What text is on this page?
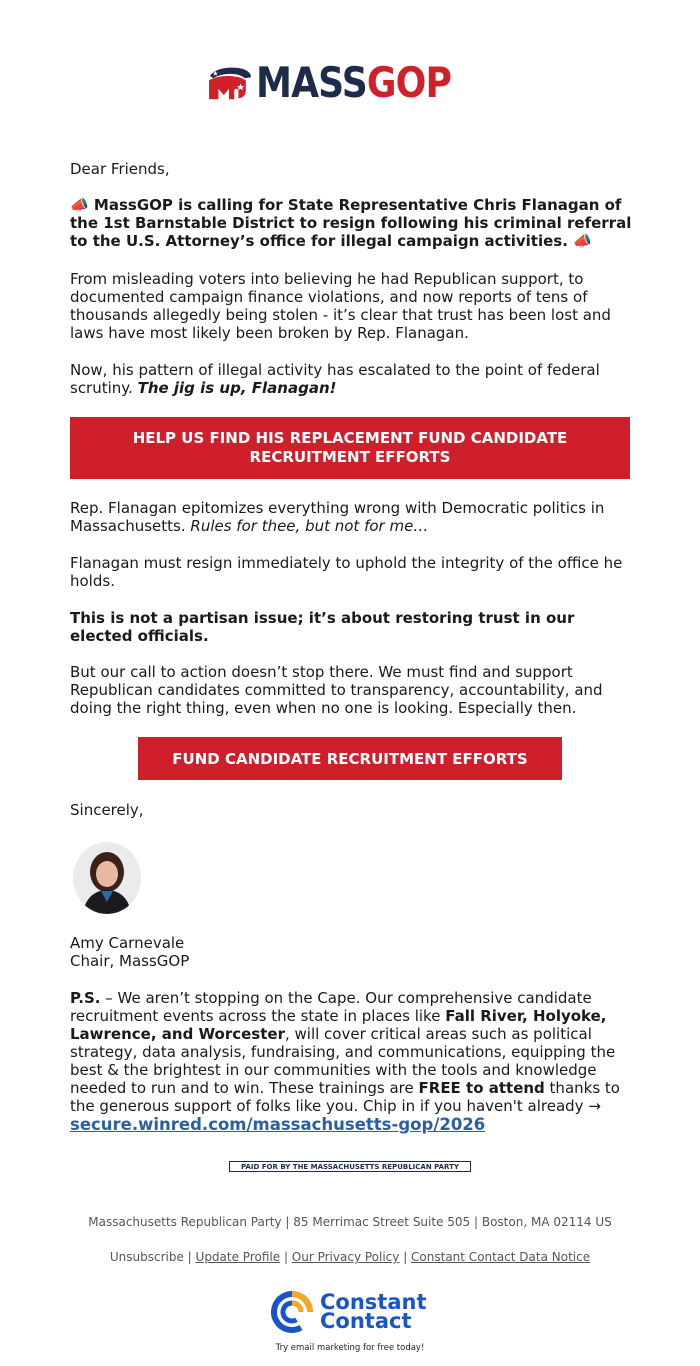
MASSGOP
Dear Friends,
📣 MassGOP is calling for State Representative Chris Flanagan of the 1st Barnstable District to resign following his criminal referral to the U.S. Attorney’s office for illegal campaign activities. 📣
From misleading voters into believing he had Republican support, to documented campaign finance violations, and now reports of tens of thousands allegedly being stolen - it’s clear that trust has been lost and laws have most likely been broken by Rep. Flanagan.
Now, his pattern of illegal activity has escalated to the point of federal scrutiny. The jig is up, Flanagan!
HELP US FIND HIS REPLACEMENT FUND CANDIDATE RECRUITMENT EFFORTS
Rep. Flanagan epitomizes everything wrong with Democratic politics in Massachusetts. Rules for thee, but not for me…
Flanagan must resign immediately to uphold the integrity of the office he holds.
This is not a partisan issue; it’s about restoring trust in our elected officials.
But our call to action doesn’t stop there. We must find and support Republican candidates committed to transparency, accountability, and doing the right thing, even when no one is looking. Especially then.
FUND CANDIDATE RECRUITMENT EFFORTS
Sincerely,
Amy Carnevale
Chair, MassGOP
P.S. – We aren’t stopping on the Cape. Our comprehensive candidate recruitment events across the state in places like Fall River, Holyoke, Lawrence, and Worcester, will cover critical areas such as political strategy, data analysis, fundraising, and communications, equipping the best & the brightest in our communities with the tools and knowledge needed to run and to win. These trainings are FREE to attend thanks to the generous support of folks like you. Chip in if you haven't already →
secure.winred.com/massachusetts-gop/2026
PAID FOR BY THE MASSACHUSETTS REPUBLICAN PARTY
Massachusetts Republican Party | 85 Merrimac Street Suite 505 | Boston, MA 02114 US
Unsubscribe | Update Profile | Our Privacy Policy | Constant Contact Data Notice
Constant
Contact
Try email marketing for free today!
